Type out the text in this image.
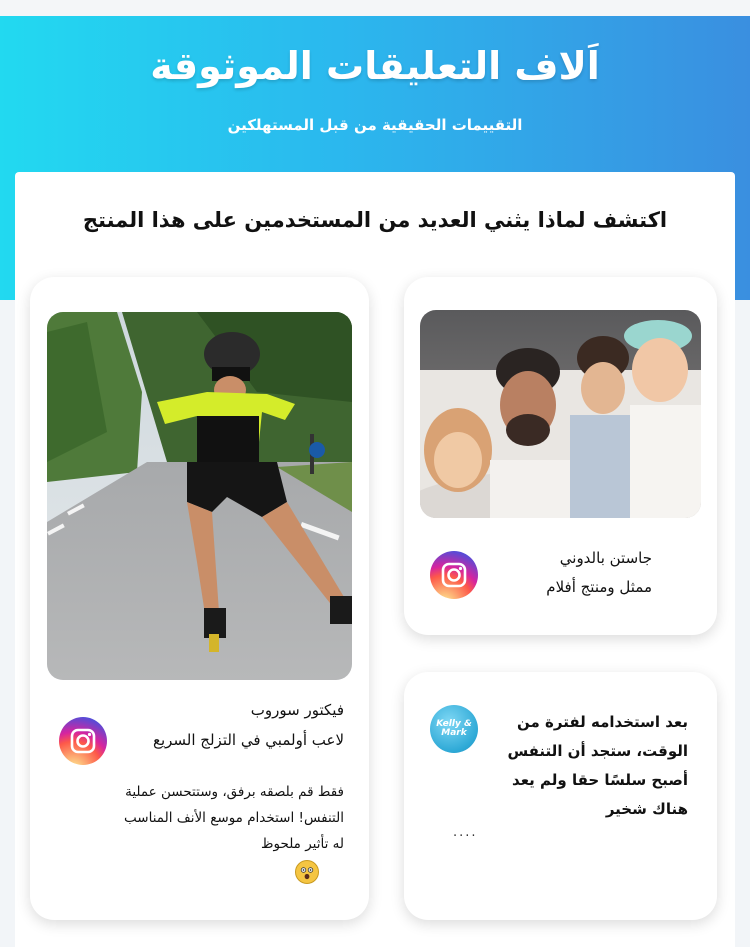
اَلاف التعليقات الموثوقة
التقييمات الحقيقية من قبل المستهلكين
اكتشف لماذا يثني العديد من المستخدمين على هذا المنتج
جاستن بالدوني
ممثل ومنتج أفلام
فيكتور سوروب
لاعب أولمبي في التزلج السريع
فقط قم بلصقه برفق، وستتحسن عملية
التنفس! استخدام موسع الأنف المناسب
له تأثير ملحوظ
Kelly & Mark
بعد استخدامه لفترة من
الوقت، ستجد أن التنفس
أصبح سلسًا حقا ولم يعد
هناك شخير
....
